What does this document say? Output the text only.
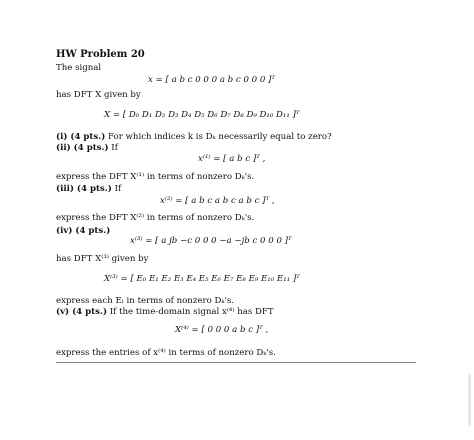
HW Problem 20
The signal
x = [ a b c 0 0 0 a b c 0 0 0 ]ᵀ
has DFT X given by
X = [ D₀ D₁ D₂ D₃ D₄ D₅ D₆ D₇ D₈ D₉ D₁₀ D₁₁ ]ᵀ
(i) (4 pts.) For which indices k is Dₖ necessarily equal to zero?
(ii) (4 pts.) If
x⁽¹⁾ = [ a b c ]ᵀ ,
express the DFT X⁽¹⁾ in terms of nonzero Dₖ's.
(iii) (4 pts.) If
x⁽²⁾ = [ a b c a b c a b c ]ᵀ ,
express the DFT X⁽²⁾ in terms of nonzero Dₖ's.
(iv) (4 pts.)
x⁽³⁾ = [ a jb −c 0 0 0 −a −jb c 0 0 0 ]ᵀ
has DFT X⁽³⁾ given by
X⁽³⁾ = [ E₀ E₁ E₂ E₃ E₄ E₅ E₆ E₇ E₈ E₉ E₁₀ E₁₁ ]ᵀ
express each Eₗ in terms of nonzero Dₖ's.
(v) (4 pts.) If the time-domain signal x⁽⁴⁾ has DFT
X⁽⁴⁾ = [ 0 0 0 a b c ]ᵀ ,
express the entries of x⁽⁴⁾ in terms of nonzero Dₖ's.
